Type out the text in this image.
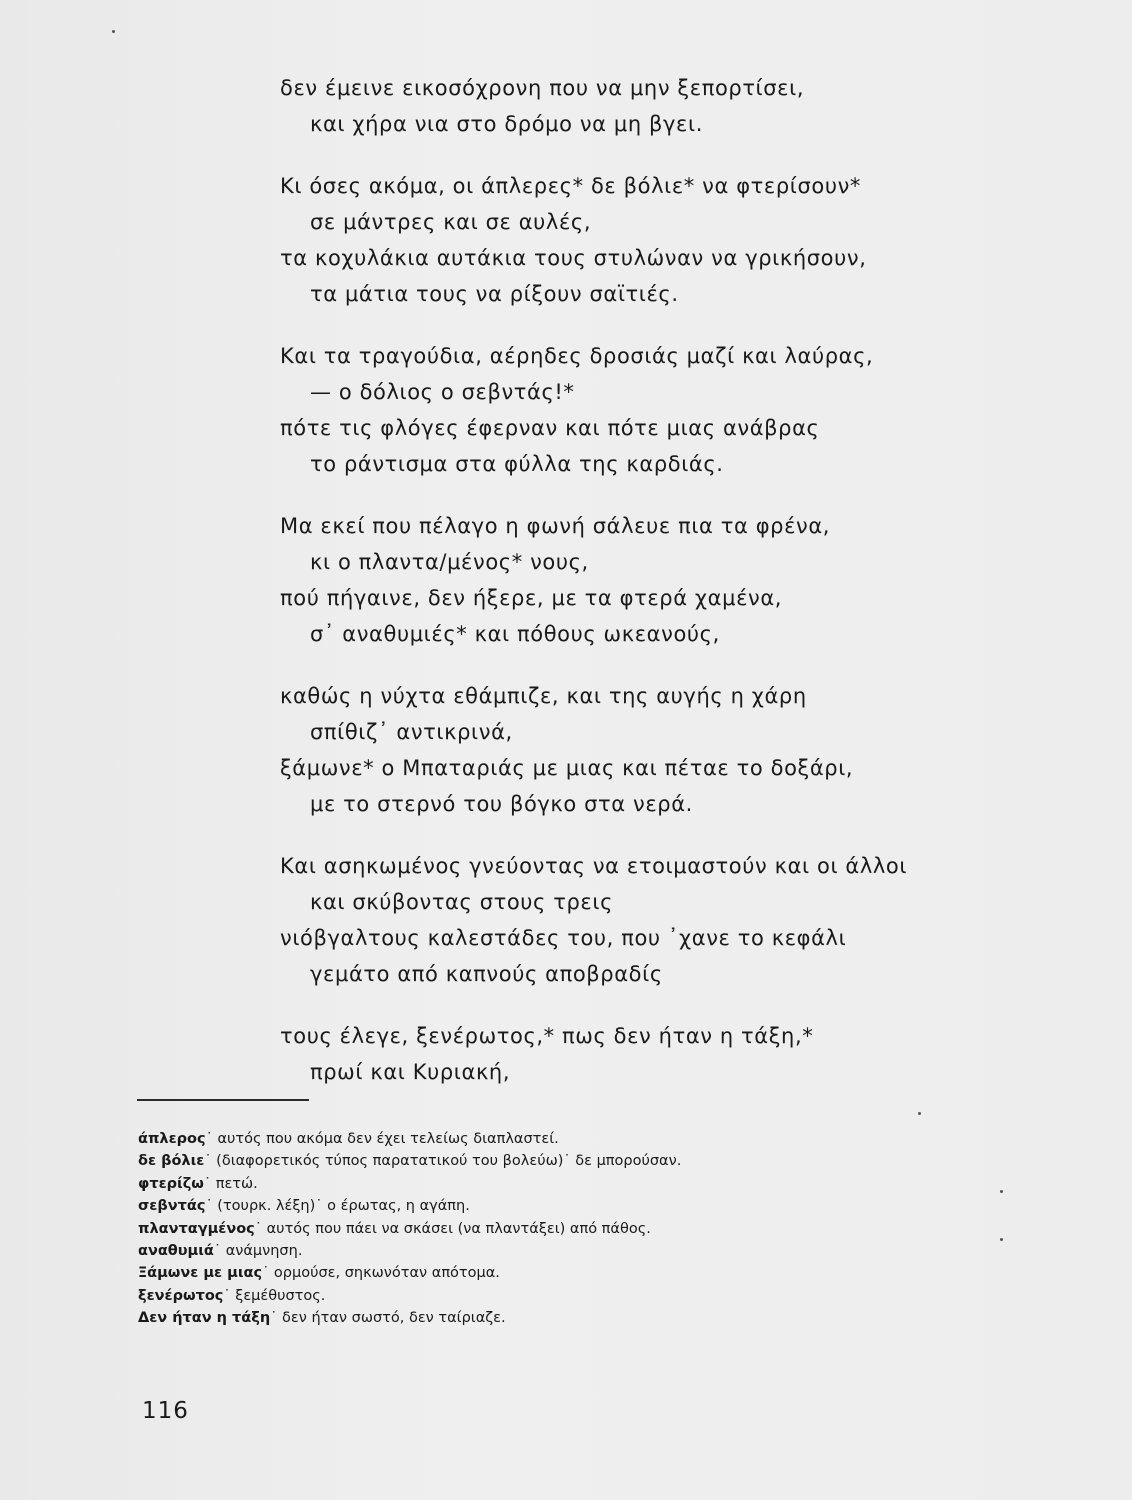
δεν έμεινε εικοσόχρονη που να μην ξεπορτίσει,
και χήρα νια στο δρόμο να μη βγει.
Κι όσες ακόμα, οι άπλερες* δε βόλιε* να φτερίσουν*
σε μάντρες και σε αυλές,
τα κοχυλάκια αυτάκια τους στυλώναν να γρικήσουν,
τα μάτια τους να ρίξουν σαϊτιές.
Και τα τραγούδια, αέρηδες δροσιάς μαζί και λαύρας,
— ο δόλιος ο σεβντάς!*
πότε τις φλόγες έφερναν και πότε μιας ανάβρας
το ράντισμα στα φύλλα της καρδιάς.
Μα εκεί που πέλαγο η φωνή σάλευε πια τα φρένα,
κι ο πλαντα/μένος* νους,
πού πήγαινε, δεν ήξερε, με τα φτερά χαμένα,
σ᾽ αναθυμιές* και πόθους ωκεανούς,
καθώς η νύχτα εθάμπιζε, και της αυγής η χάρη
σπίθιζ᾽ αντικρινά,
ξάμωνε* ο Μπαταριάς με μιας και πέταε το δοξάρι,
με το στερνό του βόγκο στα νερά.
Και ασηκωμένος γνεύοντας να ετοιμαστούν και οι άλλοι
και σκύβοντας στους τρεις
νιόβγαλτους καλεστάδες του, που ᾽χανε το κεφάλι
γεμάτο από καπνούς αποβραδίς
τους έλεγε, ξενέρωτος,* πως δεν ήταν η τάξη,*
πρωί και Κυριακή,
άπλερος˙ αυτός που ακόμα δεν έχει τελείως διαπλαστεί.
δε βόλιε˙ (διαφορετικός τύπος παρατατικού του βολεύω)˙ δε μπορούσαν.
φτερίζω˙ πετώ.
σεβντάς˙ (τουρκ. λέξη)˙ ο έρωτας, η αγάπη.
πλανταγμένος˙ αυτός που πάει να σκάσει (να πλαντάξει) από πάθος.
αναθυμιά˙ ανάμνηση.
Ξάμωνε με μιας˙ ορμούσε, σηκωνόταν απότομα.
ξενέρωτος˙ ξεμέθυστος.
Δεν ήταν η τάξη˙ δεν ήταν σωστό, δεν ταίριαζε.
116
